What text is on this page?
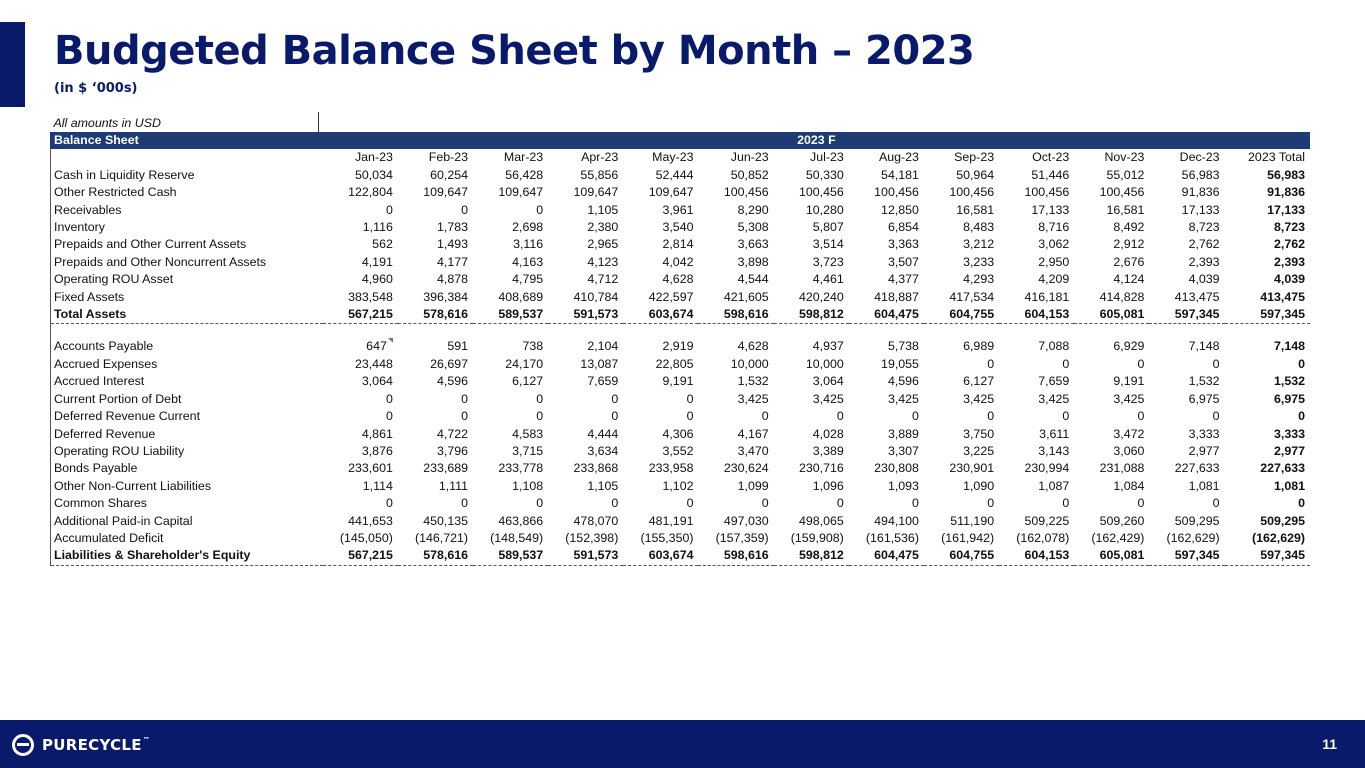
Budgeted Balance Sheet by Month – 2023
(in $ ‘000s)
All amounts in USD													
Balance Sheet	2023 F												
	Jan-23	Feb-23	Mar-23	Apr-23	May-23	Jun-23	Jul-23	Aug-23	Sep-23	Oct-23	Nov-23	Dec-23	2023 Total
Cash in Liquidity Reserve	50,034	60,254	56,428	55,856	52,444	50,852	50,330	54,181	50,964	51,446	55,012	56,983	56,983
Other Restricted Cash	122,804	109,647	109,647	109,647	109,647	100,456	100,456	100,456	100,456	100,456	100,456	91,836	91,836
Receivables	0	0	0	1,105	3,961	8,290	10,280	12,850	16,581	17,133	16,581	17,133	17,133
Inventory	1,116	1,783	2,698	2,380	3,540	5,308	5,807	6,854	8,483	8,716	8,492	8,723	8,723
Prepaids and Other Current Assets	562	1,493	3,116	2,965	2,814	3,663	3,514	3,363	3,212	3,062	2,912	2,762	2,762
Prepaids and Other Noncurrent Assets	4,191	4,177	4,163	4,123	4,042	3,898	3,723	3,507	3,233	2,950	2,676	2,393	2,393
Operating ROU Asset	4,960	4,878	4,795	4,712	4,628	4,544	4,461	4,377	4,293	4,209	4,124	4,039	4,039
Fixed Assets	383,548	396,384	408,689	410,784	422,597	421,605	420,240	418,887	417,534	416,181	414,828	413,475	413,475
Total Assets	567,215	578,616	589,537	591,573	603,674	598,616	598,812	604,475	604,755	604,153	605,081	597,345	597,345

Accounts Payable	647	591	738	2,104	2,919	4,628	4,937	5,738	6,989	7,088	6,929	7,148	7,148
Accrued Expenses	23,448	26,697	24,170	13,087	22,805	10,000	10,000	19,055	0	0	0	0	0
Accrued Interest	3,064	4,596	6,127	7,659	9,191	1,532	3,064	4,596	6,127	7,659	9,191	1,532	1,532
Current Portion of Debt	0	0	0	0	0	3,425	3,425	3,425	3,425	3,425	3,425	6,975	6,975
Deferred Revenue Current	0	0	0	0	0	0	0	0	0	0	0	0	0
Deferred Revenue	4,861	4,722	4,583	4,444	4,306	4,167	4,028	3,889	3,750	3,611	3,472	3,333	3,333
Operating ROU Liability	3,876	3,796	3,715	3,634	3,552	3,470	3,389	3,307	3,225	3,143	3,060	2,977	2,977
Bonds Payable	233,601	233,689	233,778	233,868	233,958	230,624	230,716	230,808	230,901	230,994	231,088	227,633	227,633
Other Non-Current Liabilities	1,114	1,111	1,108	1,105	1,102	1,099	1,096	1,093	1,090	1,087	1,084	1,081	1,081
Common Shares	0	0	0	0	0	0	0	0	0	0	0	0	0
Additional Paid-in Capital	441,653	450,135	463,866	478,070	481,191	497,030	498,065	494,100	511,190	509,225	509,260	509,295	509,295
Accumulated Deficit	(145,050)	(146,721)	(148,549)	(152,398)	(155,350)	(157,359)	(159,908)	(161,536)	(161,942)	(162,078)	(162,429)	(162,629)	(162,629)
Liabilities & Shareholder's Equity	567,215	578,616	589,537	591,573	603,674	598,616	598,812	604,475	604,755	604,153	605,081	597,345	597,345
PURECYCLE™	11
